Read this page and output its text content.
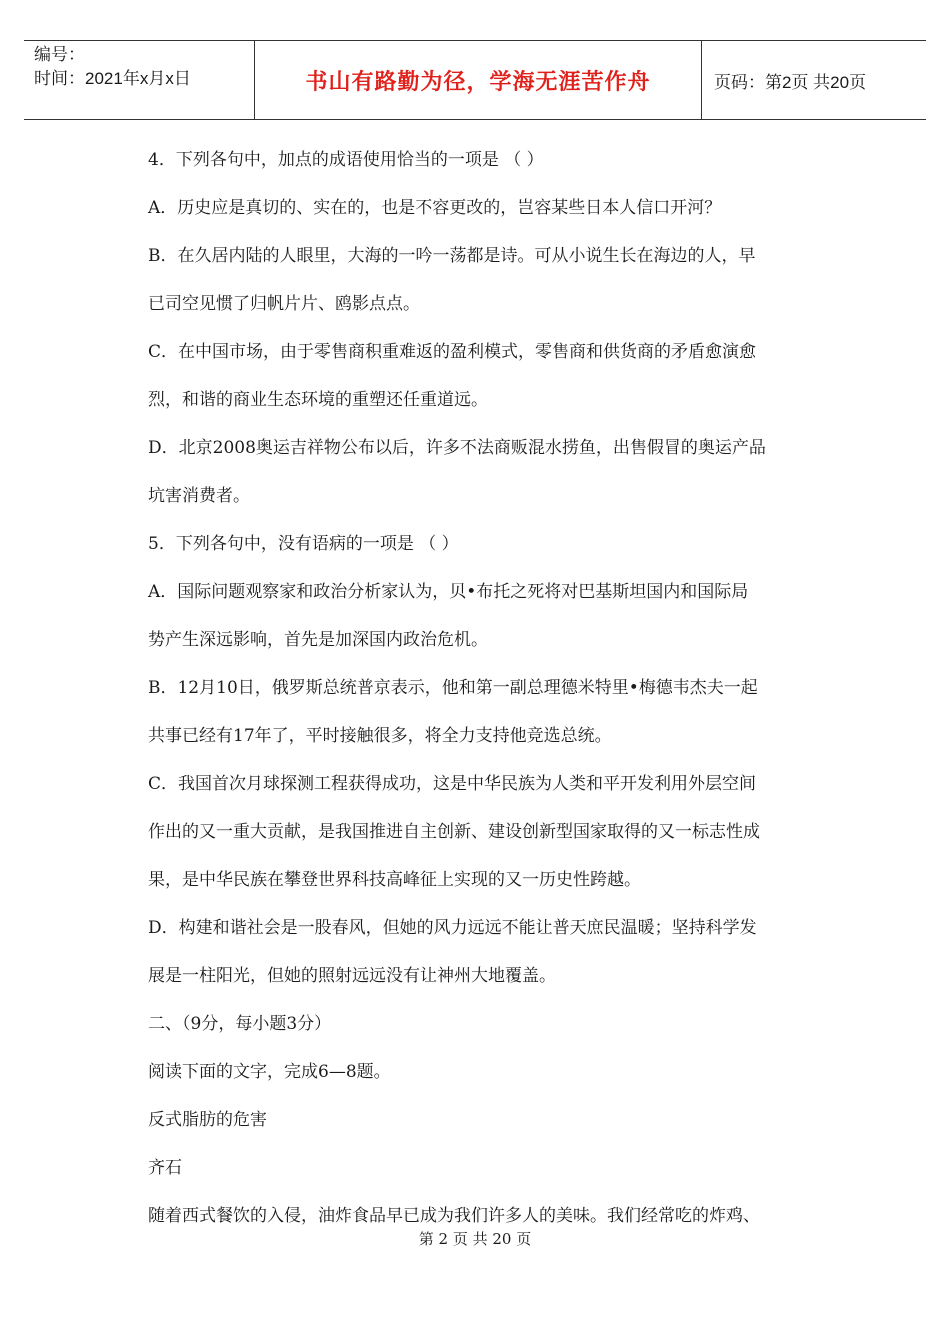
编号：
时间：2021年x月x日	书山有路勤为径，学海无涯苦作舟	页码：第2页 共20页
4．下列各句中，加点的成语使用恰当的一项是 （ ）
A．历史应是真切的、实在的，也是不容更改的，岂容某些日本人信口开河？
B．在久居内陆的人眼里，大海的一吟一荡都是诗。可从小说生长在海边的人，早
已司空见惯了归帆片片、鸥影点点。
C．在中国市场，由于零售商积重难返的盈利模式，零售商和供货商的矛盾愈演愈
烈，和谐的商业生态环境的重塑还任重道远。
D．北京2008奥运吉祥物公布以后，许多不法商贩混水捞鱼，出售假冒的奥运产品
坑害消费者。
5．下列各句中，没有语病的一项是 （ ）
A．国际问题观察家和政治分析家认为，贝•布托之死将对巴基斯坦国内和国际局
势产生深远影响，首先是加深国内政治危机。
B．12月10日，俄罗斯总统普京表示，他和第一副总理德米特里•梅德韦杰夫一起
共事已经有17年了，平时接触很多，将全力支持他竞选总统。
C．我国首次月球探测工程获得成功，这是中华民族为人类和平开发利用外层空间
作出的又一重大贡献，是我国推进自主创新、建设创新型国家取得的又一标志性成
果，是中华民族在攀登世界科技高峰征上实现的又一历史性跨越。
D．构建和谐社会是一股春风，但她的风力远远不能让普天庶民温暖；坚持科学发
展是一柱阳光，但她的照射远远没有让神州大地覆盖。
二、（9分，每小题3分）
阅读下面的文字，完成6—8题。
反式脂肪的危害
齐石
随着西式餐饮的入侵，油炸食品早已成为我们许多人的美味。我们经常吃的炸鸡、
第 2 页 共 20 页
